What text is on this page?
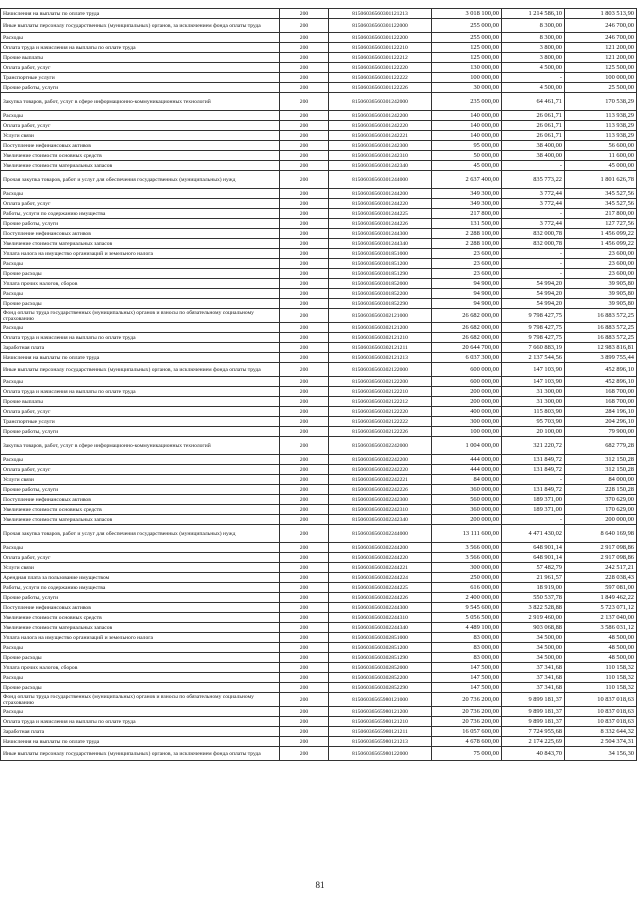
Начисления на выплаты по оплате труда	200	81506036560301121213	3 018 100,00	1 214 586,10	1 803 513,90
Иные выплаты персоналу государственных (муниципальных) органов, за исключением фонда оплаты труда	200	81506036560301122000	255 000,00	8 300,00	246 700,00
Расходы	200	81506036560301122200	255 000,00	8 300,00	246 700,00
Оплата труда и начисления на выплаты по оплате труда	200	81506036560301122210	125 000,00	3 800,00	121 200,00
Прочие выплаты	200	81506036560301122212	125 000,00	3 800,00	121 200,00
Оплата работ, услуг	200	81506036560301122220	130 000,00	4 500,00	125 500,00
Транспортные услуги	200	81506036560301122222	100 000,00	-	100 000,00
Прочие работы, услуги	200	81506036560301122226	30 000,00	4 500,00	25 500,00
Закупка товаров, работ, услуг в сфере информационно-коммуникационных технологий	200	81506036560301242000	235 000,00	64 461,71	170 538,29
Расходы	200	81506036560301242200	140 000,00	26 061,71	113 938,29
Оплата работ, услуг	200	81506036560301242220	140 000,00	26 061,71	113 938,29
Услуги связи	200	81506036560301242221	140 000,00	26 061,71	113 938,29
Поступление нефинансовых активов	200	81506036560301242300	95 000,00	38 400,00	56 600,00
Увеличение стоимости основных средств	200	81506036560301242310	50 000,00	38 400,00	11 600,00
Увеличение стоимости материальных запасов	200	81506036560301242340	45 000,00	-	45 000,00
Прочая закупка товаров, работ и услуг для обеспечения государственных (муниципальных) нужд	200	81506036560301244000	2 637 400,00	835 773,22	1 801 626,78
Расходы	200	81506036560301244200	349 300,00	3 772,44	345 527,56
Оплата работ, услуг	200	81506036560301244220	349 300,00	3 772,44	345 527,56
Работы, услуги по содержанию имущества	200	81506036560301244225	217 800,00	-	217 800,00
Прочие работы, услуги	200	81506036560301244226	131 500,00	3 772,44	127 727,56
Поступление нефинансовых активов	200	81506036560301244300	2 288 100,00	832 000,78	1 456 099,22
Увеличение стоимости материальных запасов	200	81506036560301244340	2 288 100,00	832 000,78	1 456 099,22
Уплата налога на имущество организаций и земельного налога	200	81506036560301851000	23 600,00	-	23 600,00
Расходы	200	81506036560301851200	23 600,00	-	23 600,00
Прочие расходы	200	81506036560301851290	23 600,00	-	23 600,00
Уплата прочих налогов, сборов	200	81506036560301852000	94 900,00	54 994,20	39 905,80
Расходы	200	81506036560301852200	94 900,00	54 994,20	39 905,80
Прочие расходы	200	81506036560301852290	94 900,00	54 994,20	39 905,80
Фонд оплаты труда государственных (муниципальных) органов и взносы по обязательному социальному страхованию	200	81506036560302121000	26 682 000,00	9 798 427,75	16 883 572,25
Расходы	200	81506036560302121200	26 682 000,00	9 798 427,75	16 883 572,25
Оплата труда и начисления на выплаты по оплате труда	200	81506036560302121210	26 682 000,00	9 798 427,75	16 883 572,25
Заработная плата	200	81506036560302121211	20 644 700,00	7 660 883,19	12 983 816,81
Начисления на выплаты по оплате труда	200	81506036560302121213	6 037 300,00	2 137 544,56	3 899 755,44
Иные выплаты персоналу государственных (муниципальных) органов, за исключением фонда оплаты труда	200	81506036560302122000	600 000,00	147 103,90	452 896,10
Расходы	200	81506036560302122200	600 000,00	147 103,90	452 896,10
Оплата труда и начисления на выплаты по оплате труда	200	81506036560302122210	200 000,00	31 300,00	168 700,00
Прочие выплаты	200	81506036560302122212	200 000,00	31 300,00	168 700,00
Оплата работ, услуг	200	81506036560302122220	400 000,00	115 803,90	284 196,10
Транспортные услуги	200	81506036560302122222	300 000,00	95 703,90	204 296,10
Прочие работы, услуги	200	81506036560302122226	100 000,00	20 100,00	79 900,00
Закупка товаров, работ, услуг в сфере информационно-коммуникационных технологий	200	81506036560302242000	1 004 000,00	321 220,72	682 779,28
Расходы	200	81506036560302242200	444 000,00	131 849,72	312 150,28
Оплата работ, услуг	200	81506036560302242220	444 000,00	131 849,72	312 150,28
Услуги связи	200	81506036560302242221	84 000,00	-	84 000,00
Прочие работы, услуги	200	81506036560302242226	360 000,00	131 849,72	228 150,28
Поступление нефинансовых активов	200	81506036560302242300	560 000,00	189 371,00	370 629,00
Увеличение стоимости основных средств	200	81506036560302242310	360 000,00	189 371,00	170 629,00
Увеличение стоимости материальных запасов	200	81506036560302242340	200 000,00	-	200 000,00
Прочая закупка товаров, работ и услуг для обеспечения государственных (муниципальных) нужд	200	81506036560302244000	13 111 600,00	4 471 430,02	8 640 169,98
Расходы	200	81506036560302244200	3 566 000,00	648 901,14	2 917 098,86
Оплата работ, услуг	200	81506036560302244220	3 566 000,00	648 901,14	2 917 098,86
Услуги связи	200	81506036560302244221	300 000,00	57 482,79	242 517,21
Арендная плата за пользование имуществом	200	81506036560302244224	250 000,00	21 961,57	228 038,43
Работы, услуги по содержанию имущества	200	81506036560302244225	616 000,00	18 919,00	597 081,00
Прочие работы, услуги	200	81506036560302244226	2 400 000,00	550 537,78	1 849 462,22
Поступление нефинансовых активов	200	81506036560302244300	9 545 600,00	3 822 528,88	5 723 071,12
Увеличение стоимости основных средств	200	81506036560302244310	5 056 500,00	2 919 460,00	2 137 040,00
Увеличение стоимости материальных запасов	200	81506036560302244340	4 489 100,00	903 068,88	3 586 031,12
Уплата налога на имущество организаций и земельного налога	200	81506036560302851000	83 000,00	34 500,00	48 500,00
Расходы	200	81506036560302851200	83 000,00	34 500,00	48 500,00
Прочие расходы	200	81506036560302851290	83 000,00	34 500,00	48 500,00
Уплата прочих налогов, сборов	200	81506036560302852000	147 500,00	37 341,68	110 158,32
Расходы	200	81506036560302852200	147 500,00	37 341,68	110 158,32
Прочие расходы	200	81506036560302852290	147 500,00	37 341,68	110 158,32
Фонд оплаты труда государственных (муниципальных) органов и взносы по обязательному социальному страхованию	200	81506036565980121000	20 736 200,00	9 899 181,37	10 837 018,63
Расходы	200	81506036565980121200	20 736 200,00	9 899 181,37	10 837 018,63
Оплата труда и начисления на выплаты по оплате труда	200	81506036565980121210	20 736 200,00	9 899 181,37	10 837 018,63
Заработная плата	200	81506036565980121211	16 057 600,00	7 724 955,68	8 332 644,32
Начисления на выплаты по оплате труда	200	81506036565980121213	4 678 600,00	2 174 225,69	2 504 374,31
Иные выплаты персоналу государственных (муниципальных) органов, за исключением фонда оплаты труда	200	81506036565980122000	75 000,00	40 843,70	34 156,30
81
